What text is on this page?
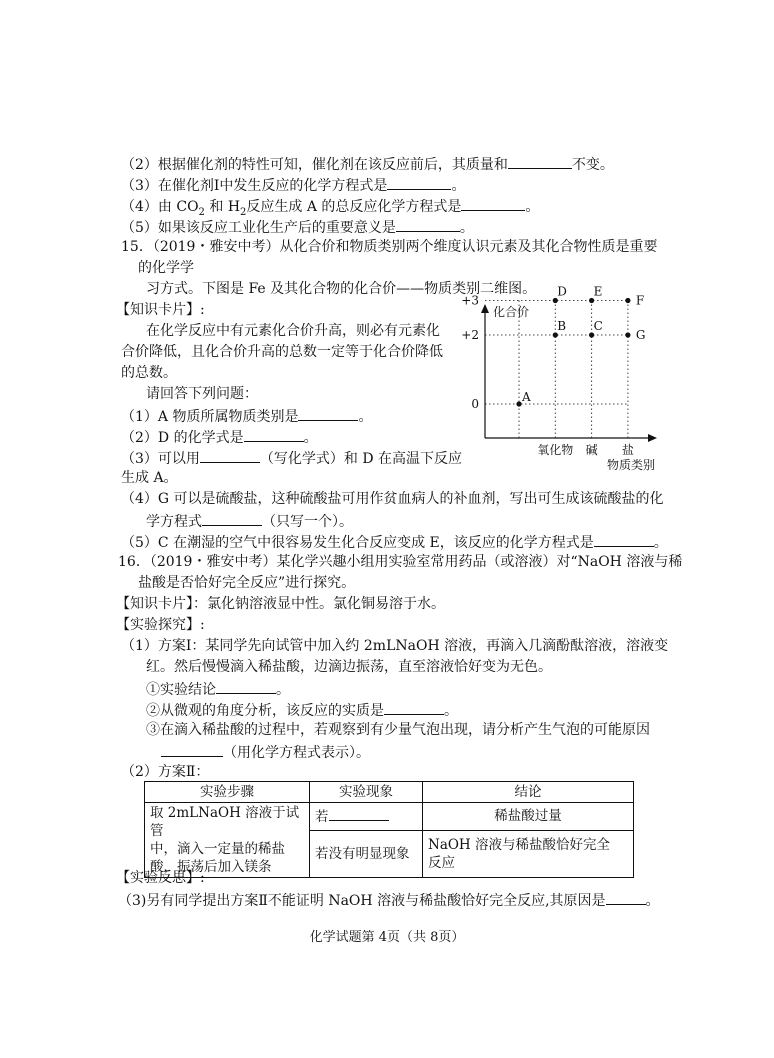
（2）根据催化剂的特性可知，催化剂在该反应前后，其质量和	不变。
（3）在催化剂Ⅰ中发生反应的化学方程式是	。
（4）由 $CO_2$ 和 $H_2$反应生成 A 的总反应化学方程式是	。
（5）如果该反应工业化生产后的重要意义是	。
15．（2019・雅安中考）从化合价和物质类别两个维度认识元素及其化合物性质是重要
的化学学
习方式。下图是 Fe 及其化合物的化合价——物质类别二维图。
【知识卡片】:
在化学反应中有元素化合价升高，则必有元素化
合价降低，且化合价升高的总数一定等于化合价降低
的总数。
请回答下列问题：
（1）A 物质所属物质类别是	。
（2）D 的化学式是	。
（3）可以用	（写化学式）和 D 在高温下反应
生成 A。
（4）G 可以是硫酸盐，这种硫酸盐可用作贫血病人的补血剂，写出可生成该硫酸盐的化
学方程式	（只写一个）。
（5）C 在潮湿的空气中很容易发生化合反应变成 E，该反应的化学方程式是	。
化合价
物质类别
+3
+2
0
氧化物 碱 盐
A
B C
D E
F
G
16．（2019・雅安中考）某化学兴趣小组用实验室常用药品（或溶液）对“NaOH 溶液与稀
盐酸是否恰好完全反应”进行探究。
【知识卡片】：氯化钠溶液显中性。氯化铜易溶于水。
【实验探究】:
（1）方案Ⅰ：某同学先向试管中加入约 2mLNaOH 溶液，再滴入几滴酚酞溶液，溶液变
红。然后慢慢滴入稀盐酸，边滴边振荡，直至溶液恰好变为无色。
①实验结论	。
②从微观的角度分析，该反应的实质是	。
③在滴入稀盐酸的过程中，若观察到有少量气泡出现，请分析产生气泡的可能原因
（用化学方程式表示）。
（2）方案Ⅱ：
实验步骤	实验现象	结论

取 2mLNaOH 溶液于试管
中，滴入一定量的稀盐
酸，振荡后加入镁条	若	稀盐酸过量
	若没有明显现象	NaOH 溶液与稀盐酸恰好完全
反应
【实验反思】:
（3)另有同学提出方案Ⅱ不能证明 NaOH 溶液与稀盐酸恰好完全反应,其原因是	。
化学试题第 4页（共 8页）
